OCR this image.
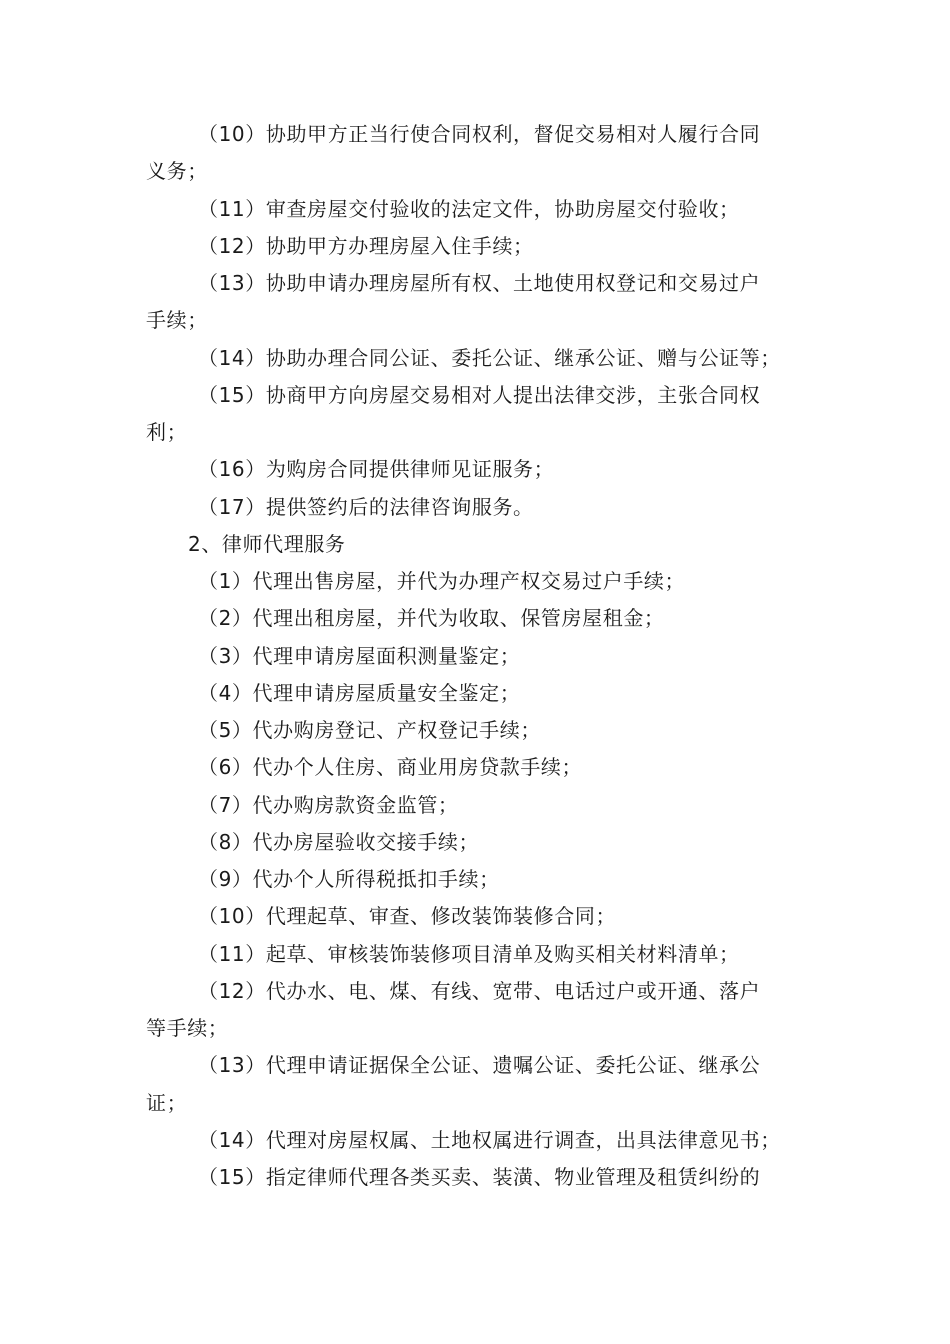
（10）协助甲方正当行使合同权利，督促交易相对人履行合同
义务；
（11）审查房屋交付验收的法定文件，协助房屋交付验收；
（12）协助甲方办理房屋入住手续；
（13）协助申请办理房屋所有权、土地使用权登记和交易过户
手续；
（14）协助办理合同公证、委托公证、继承公证、赠与公证等；
（15）协商甲方向房屋交易相对人提出法律交涉，主张合同权
利；
（16）为购房合同提供律师见证服务；
（17）提供签约后的法律咨询服务。
2、律师代理服务
（1）代理出售房屋，并代为办理产权交易过户手续；
（2）代理出租房屋，并代为收取、保管房屋租金；
（3）代理申请房屋面积测量鉴定；
（4）代理申请房屋质量安全鉴定；
（5）代办购房登记、产权登记手续；
（6）代办个人住房、商业用房贷款手续；
（7）代办购房款资金监管；
（8）代办房屋验收交接手续；
（9）代办个人所得税抵扣手续；
（10）代理起草、审查、修改装饰装修合同；
（11）起草、审核装饰装修项目清单及购买相关材料清单；
（12）代办水、电、煤、有线、宽带、电话过户或开通、落户
等手续；
（13）代理申请证据保全公证、遗嘱公证、委托公证、继承公
证；
（14）代理对房屋权属、土地权属进行调查，出具法律意见书；
（15）指定律师代理各类买卖、装潢、物业管理及租赁纠纷的
